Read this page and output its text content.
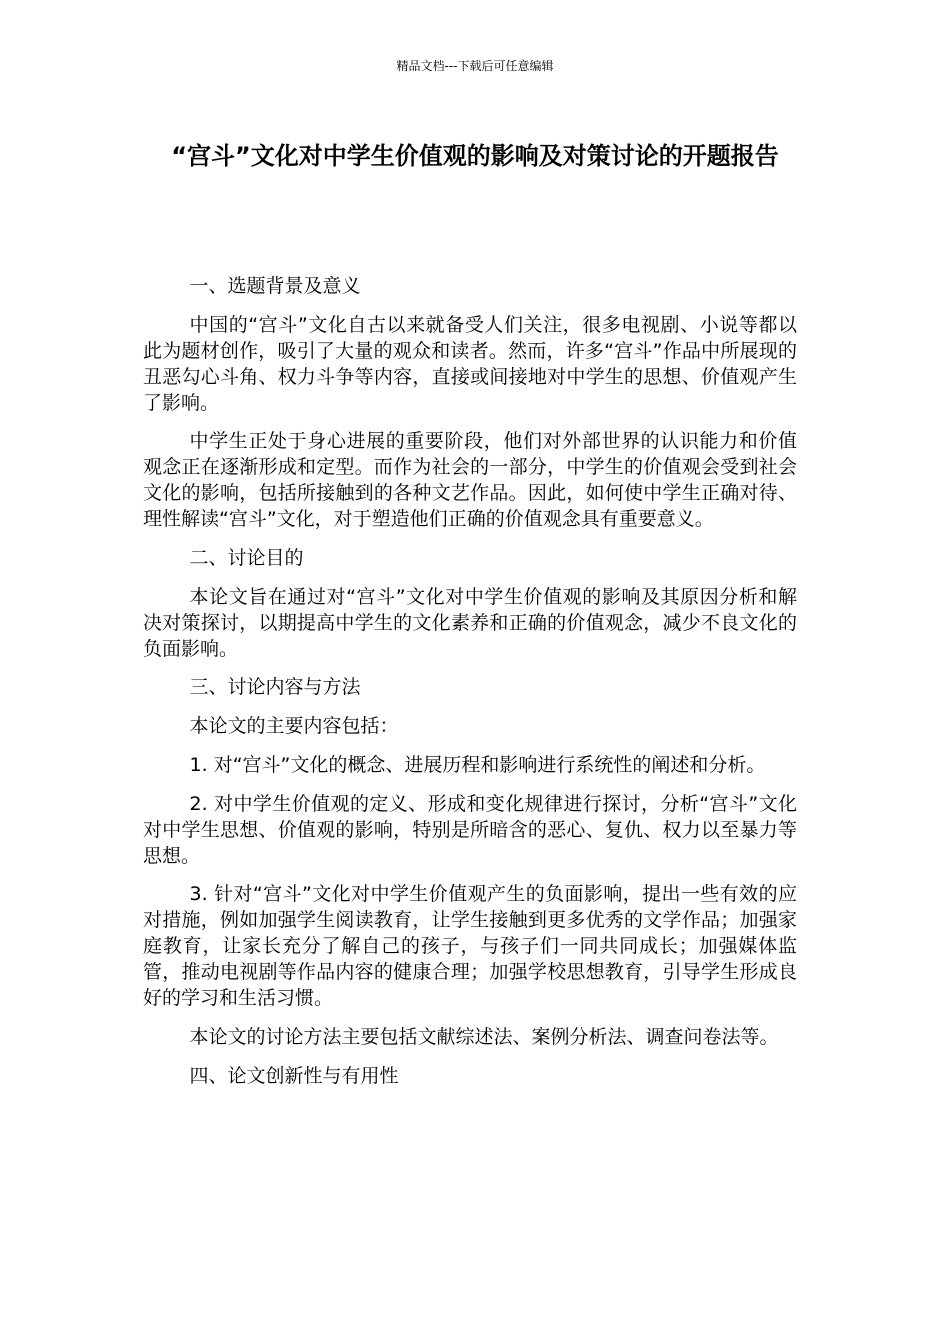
精品文档---下载后可任意编辑
“宫斗”文化对中学生价值观的影响及对策讨论的开题报告

一、选题背景及意义

中国的“宫斗”文化自古以来就备受人们关注，很多电视剧、小说等都以此为题材创作，吸引了大量的观众和读者。然而，许多“宫斗”作品中所展现的丑恶勾心斗角、权力斗争等内容，直接或间接地对中学生的思想、价值观产生了影响。

中学生正处于身心进展的重要阶段，他们对外部世界的认识能力和价值观念正在逐渐形成和定型。而作为社会的一部分，中学生的价值观会受到社会文化的影响，包括所接触到的各种文艺作品。因此，如何使中学生正确对待、理性解读“宫斗”文化，对于塑造他们正确的价值观念具有重要意义。

二、讨论目的

本论文旨在通过对“宫斗”文化对中学生价值观的影响及其原因分析和解决对策探讨，以期提高中学生的文化素养和正确的价值观念，减少不良文化的负面影响。

三、讨论内容与方法

本论文的主要内容包括：

1. 对“宫斗”文化的概念、进展历程和影响进行系统性的阐述和分析。

2. 对中学生价值观的定义、形成和变化规律进行探讨，分析“宫斗”文化对中学生思想、价值观的影响，特别是所暗含的恶心、复仇、权力以至暴力等思想。

3. 针对“宫斗”文化对中学生价值观产生的负面影响，提出一些有效的应对措施，例如加强学生阅读教育，让学生接触到更多优秀的文学作品；加强家庭教育，让家长充分了解自己的孩子，与孩子们一同共同成长；加强媒体监管，推动电视剧等作品内容的健康合理；加强学校思想教育，引导学生形成良好的学习和生活习惯。

本论文的讨论方法主要包括文献综述法、案例分析法、调查问卷法等。

四、论文创新性与有用性
